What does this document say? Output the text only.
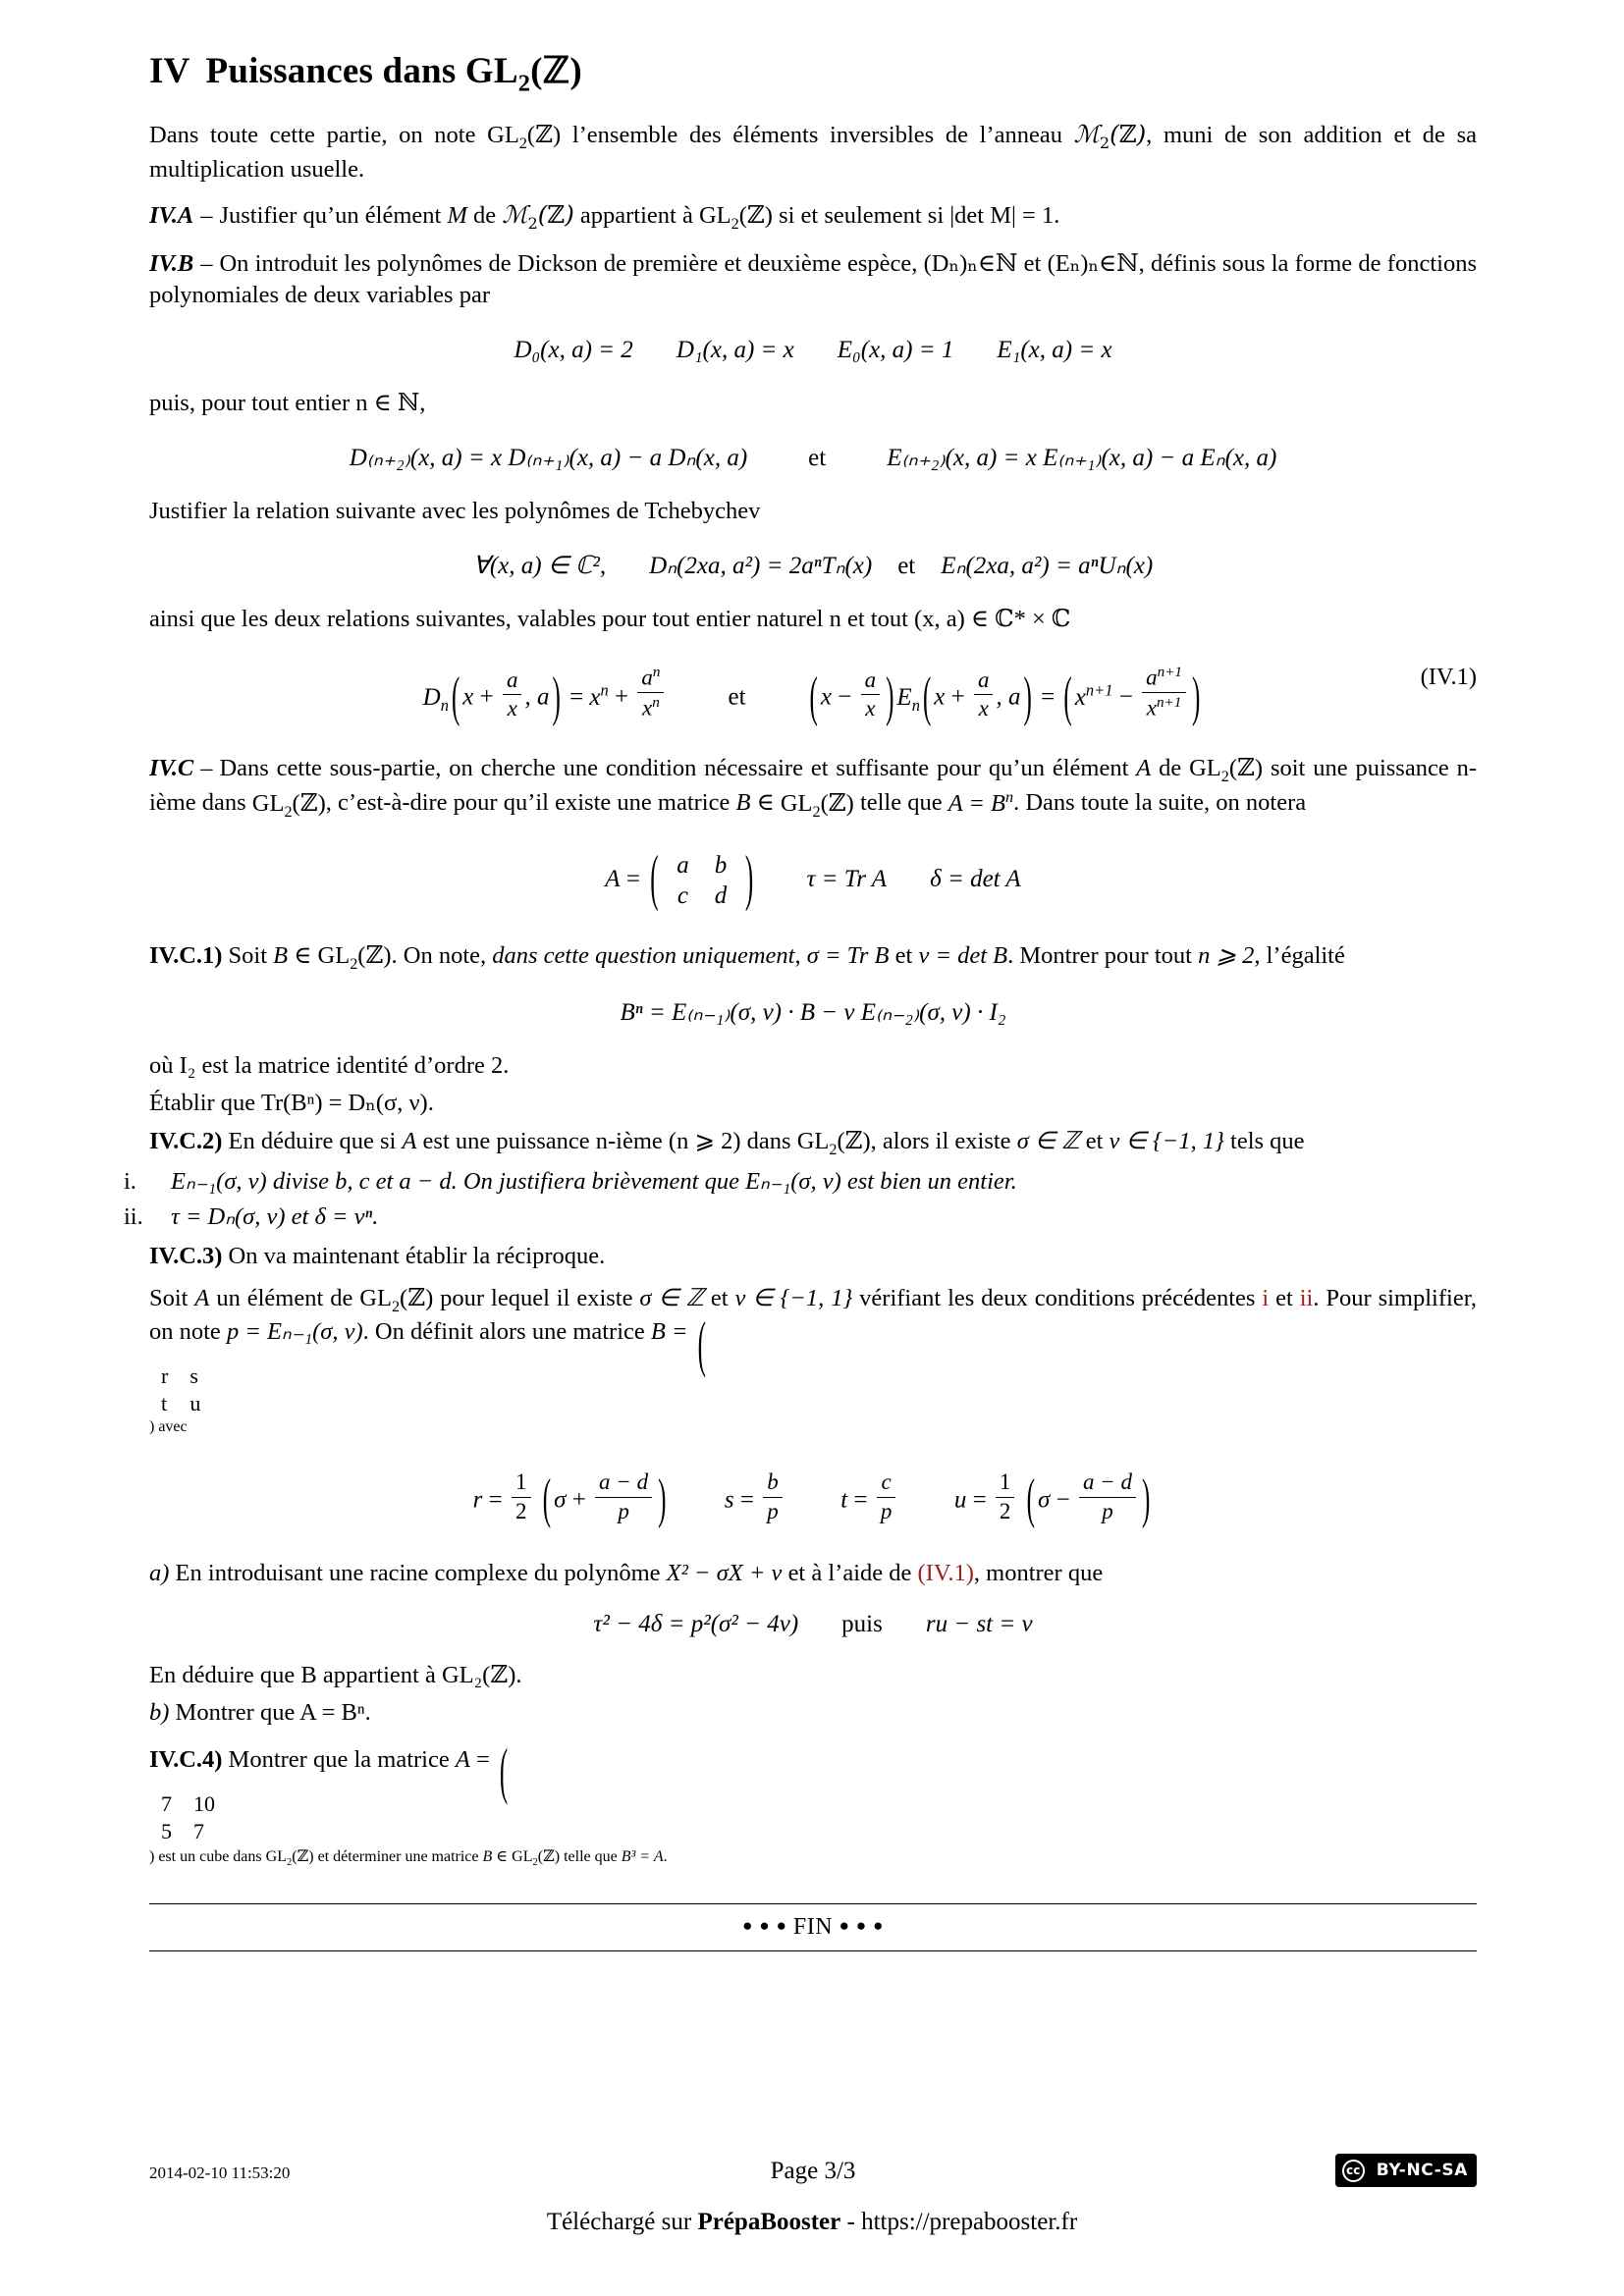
IV Puissances dans $GL_2(ℤ)$

Dans toute cette partie, on note $GL_2(ℤ)$ l’ensemble des éléments inversibles de l’anneau ℳ$_2$(ℤ), muni de son addition et de sa multiplication usuelle.

IV.A – Justifier qu’un élément M de ℳ$_2$(ℤ) appartient à $GL_2(ℤ)$ si et seulement si |det M| = 1.

IV.B – On introduit les polynômes de Dickson de première et deuxième espèce, (Dₙ)ₙ∈ℕ et (Eₙ)ₙ∈ℕ, définis sous la forme de fonctions polynomiales de deux variables par

D₀(x, a) = 2 D₁(x, a) = x E₀(x, a) = 1 E₁(x, a) = x

puis, pour tout entier n ∈ ℕ,

D₍ₙ₊₂₎(x, a) = x D₍ₙ₊₁₎(x, a) − a Dₙ(x, a) et E₍ₙ₊₂₎(x, a) = x E₍ₙ₊₁₎(x, a) − a Eₙ(x, a)

Justifier la relation suivante avec les polynômes de Tchebychev

∀(x, a) ∈ ℂ², Dₙ(2xa, a²) = 2aⁿTₙ(x) et Eₙ(2xa, a²) = aⁿUₙ(x)

ainsi que les deux relations suivantes, valables pour tout entier naturel n et tout (x, a) ∈ ℂ* × ℂ

$D_n$ ( $x + \frac{a}{x}$ , a ) = $x^n + \frac{a^n}{x^n}$	et	( $x - \frac{a}{x}$ ) $E_n$ ( $x + \frac{a}{x}$ , a ) = ( $x^{n+1} - \frac{a^{n+1}}{x^{n+1}}$ )	(IV.1)

IV.C – Dans cette sous-partie, on cherche une condition nécessaire et suffisante pour qu’un élément A de $GL_2(ℤ)$ soit une puissance n-ième dans $GL_2(ℤ)$, c’est-à-dire pour qu’il existe une matrice B ∈ $GL_2(ℤ)$ telle que $A = B^n$. Dans toute la suite, on notera

A = ( a	b
c	d ) τ = Tr A δ = det A

IV.C.1) Soit B ∈ $GL_2(ℤ)$. On note, dans cette question uniquement, σ = Tr B et ν = det B. Montrer pour tout n ⩾ 2, l’égalité

Bⁿ = E₍ₙ₋₁₎(σ, ν) · B − ν E₍ₙ₋₂₎(σ, ν) · I₂

où I₂ est la matrice identité d’ordre 2.

Établir que Tr(Bⁿ) = Dₙ(σ, ν).

IV.C.2) En déduire que si A est une puissance n-ième (n ⩾ 2) dans $GL_2(ℤ)$, alors il existe σ ∈ ℤ et ν ∈ {−1, 1} tels que

i. Eₙ₋₁(σ, ν) divise b, c et a − d. On justifiera brièvement que Eₙ₋₁(σ, ν) est bien un entier.

ii. τ = Dₙ(σ, ν) et δ = νⁿ.

IV.C.3) On va maintenant établir la réciproque.

Soit A un élément de $GL_2(ℤ)$ pour lequel il existe σ ∈ ℤ et ν ∈ {−1, 1} vérifiant les deux conditions précédentes i et ii. Pour simplifier, on note p = Eₙ₋₁(σ, ν). On définit alors une matrice B = (

r	s
t	u
) avec

$r = \frac{1}{2}$ ( $\sigma + \frac{a - d}{p}$ ) $s = \frac{b}{p}$ $t = \frac{c}{p}$ $u = \frac{1}{2}$ ( $\sigma - \frac{a - d}{p}$ )

a) En introduisant une racine complexe du polynôme X² − σX + ν et à l’aide de (IV.1), montrer que

τ² − 4δ = p²(σ² − 4ν) puis ru − st = ν

En déduire que B appartient à GL₂(ℤ).

b) Montrer que A = Bⁿ.

IV.C.4) Montrer que la matrice A = (

7	10
5	7
) est un cube dans $GL_2(ℤ)$ et déterminer une matrice B ∈ $GL_2(ℤ)$ telle que B³ = A.

● ● ● FIN ● ● ●
2014-02-10 11:53:20	Page 3/3	cc BY-NC-SA
Téléchargé sur PrépaBooster - https://prepabooster.fr
